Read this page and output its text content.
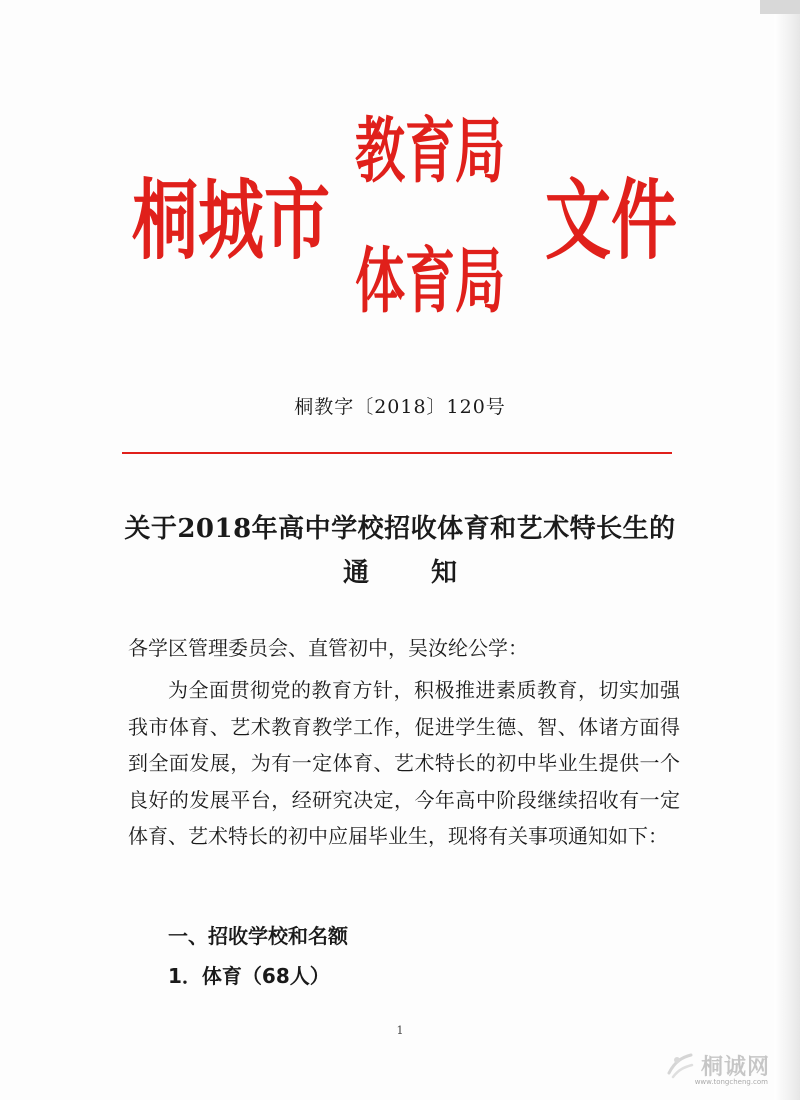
桐城市
教育局
体育局
文件
桐教字〔2018〕120号
关于2018年高中学校招收体育和艺术特长生的
通 知
各学区管理委员会、直管初中，吴汝纶公学：
为全面贯彻党的教育方针，积极推进素质教育，切实加强我市体育、艺术教育教学工作，促进学生德、智、体诸方面得到全面发展，为有一定体育、艺术特长的初中毕业生提供一个良好的发展平台，经研究决定，今年高中阶段继续招收有一定体育、艺术特长的初中应届毕业生，现将有关事项通知如下：
一、招收学校和名额
1．体育（68人）
1
桐诚网
www.tongcheng.com
